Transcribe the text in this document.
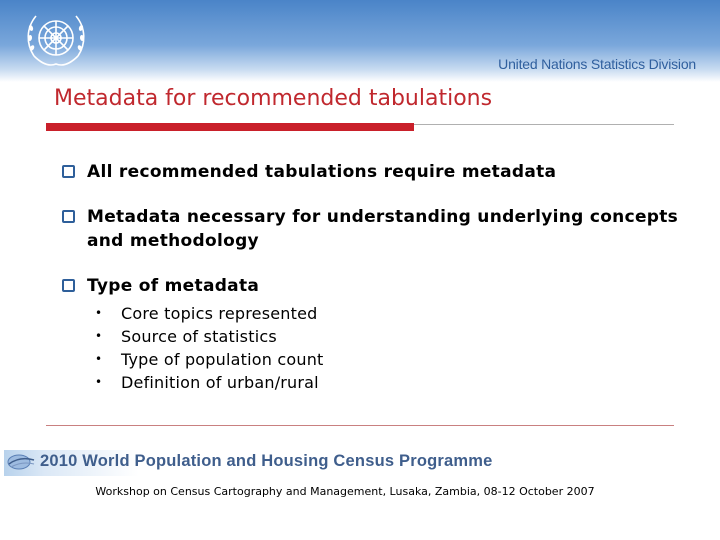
United Nations Statistics Division
Metadata for recommended tabulations
All recommended tabulations require metadata
Metadata necessary for understanding underlying concepts and methodology
Type of metadata
• Core topics represented
• Source of statistics
• Type of population count
• Definition of urban/rural
2010 World Population and Housing Census Programme
Workshop on Census Cartography and Management, Lusaka, Zambia, 08-12 October 2007
